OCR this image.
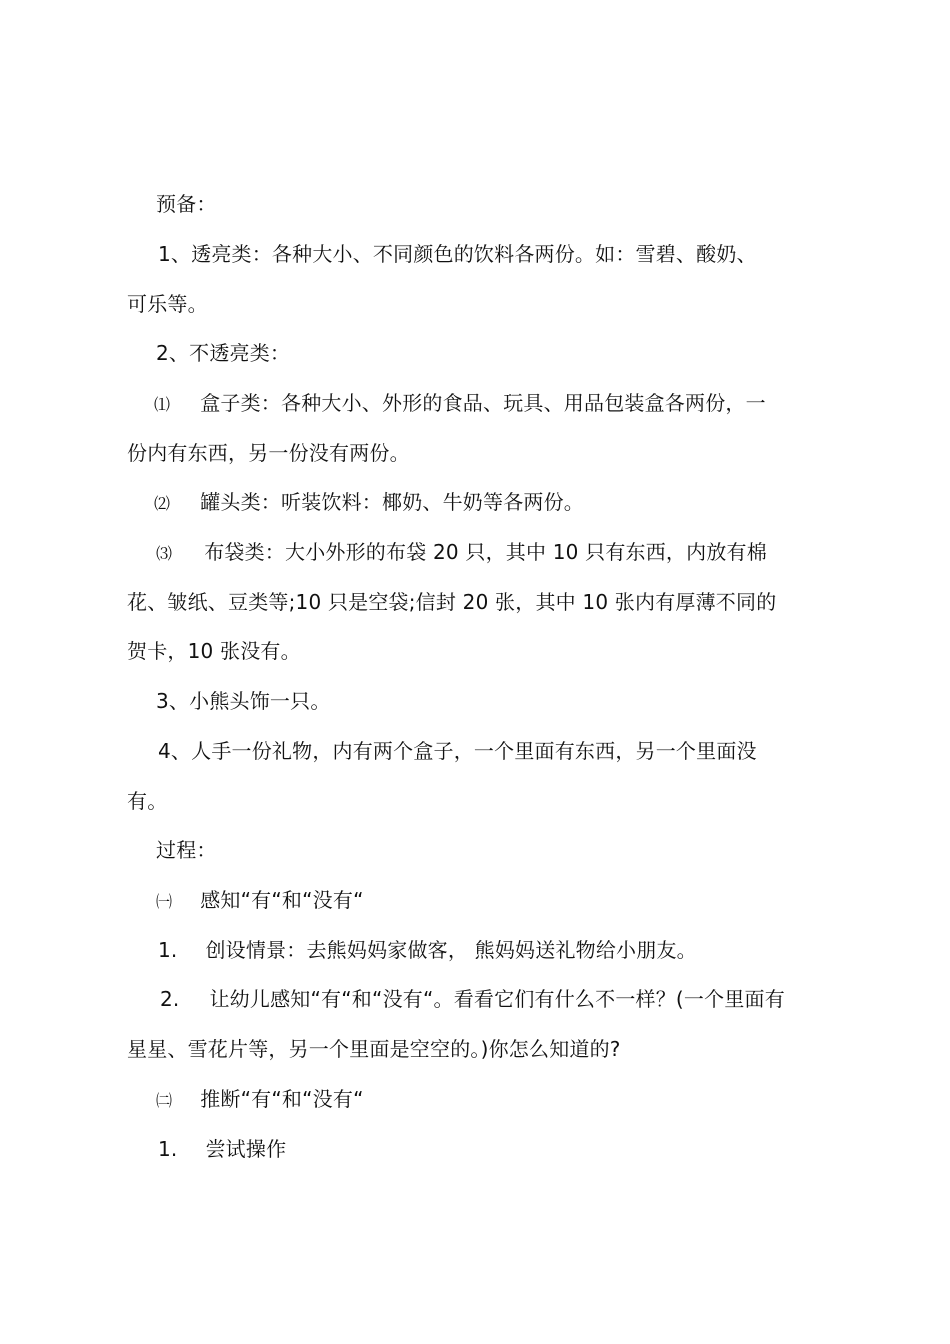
预备：
1、透亮类：各种大小、不同颜色的饮料各两份。如：雪碧、酸奶、
可乐等。
2、不透亮类：
⑴ 盒子类：各种大小、外形的食品、玩具、用品包装盒各两份，一
份内有东西，另一份没有两份。
⑵ 罐头类：听装饮料：椰奶、牛奶等各两份。
⑶ 布袋类：大小外形的布袋 20 只，其中 10 只有东西，内放有棉
花、皱纸、豆类等;10 只是空袋;信封 20 张，其中 10 张内有厚薄不同的
贺卡，10 张没有。
3、小熊头饰一只。
4、人手一份礼物，内有两个盒子，一个里面有东西，另一个里面没
有。
过程：
㈠ 感知“有“和“没有“
1. 创设情景：去熊妈妈家做客， 熊妈妈送礼物给小朋友。
2. 让幼儿感知“有“和“没有“。看看它们有什么不一样？(一个里面有
星星、雪花片等，另一个里面是空空的。)你怎么知道的?
㈡ 推断“有“和“没有“
1. 尝试操作
